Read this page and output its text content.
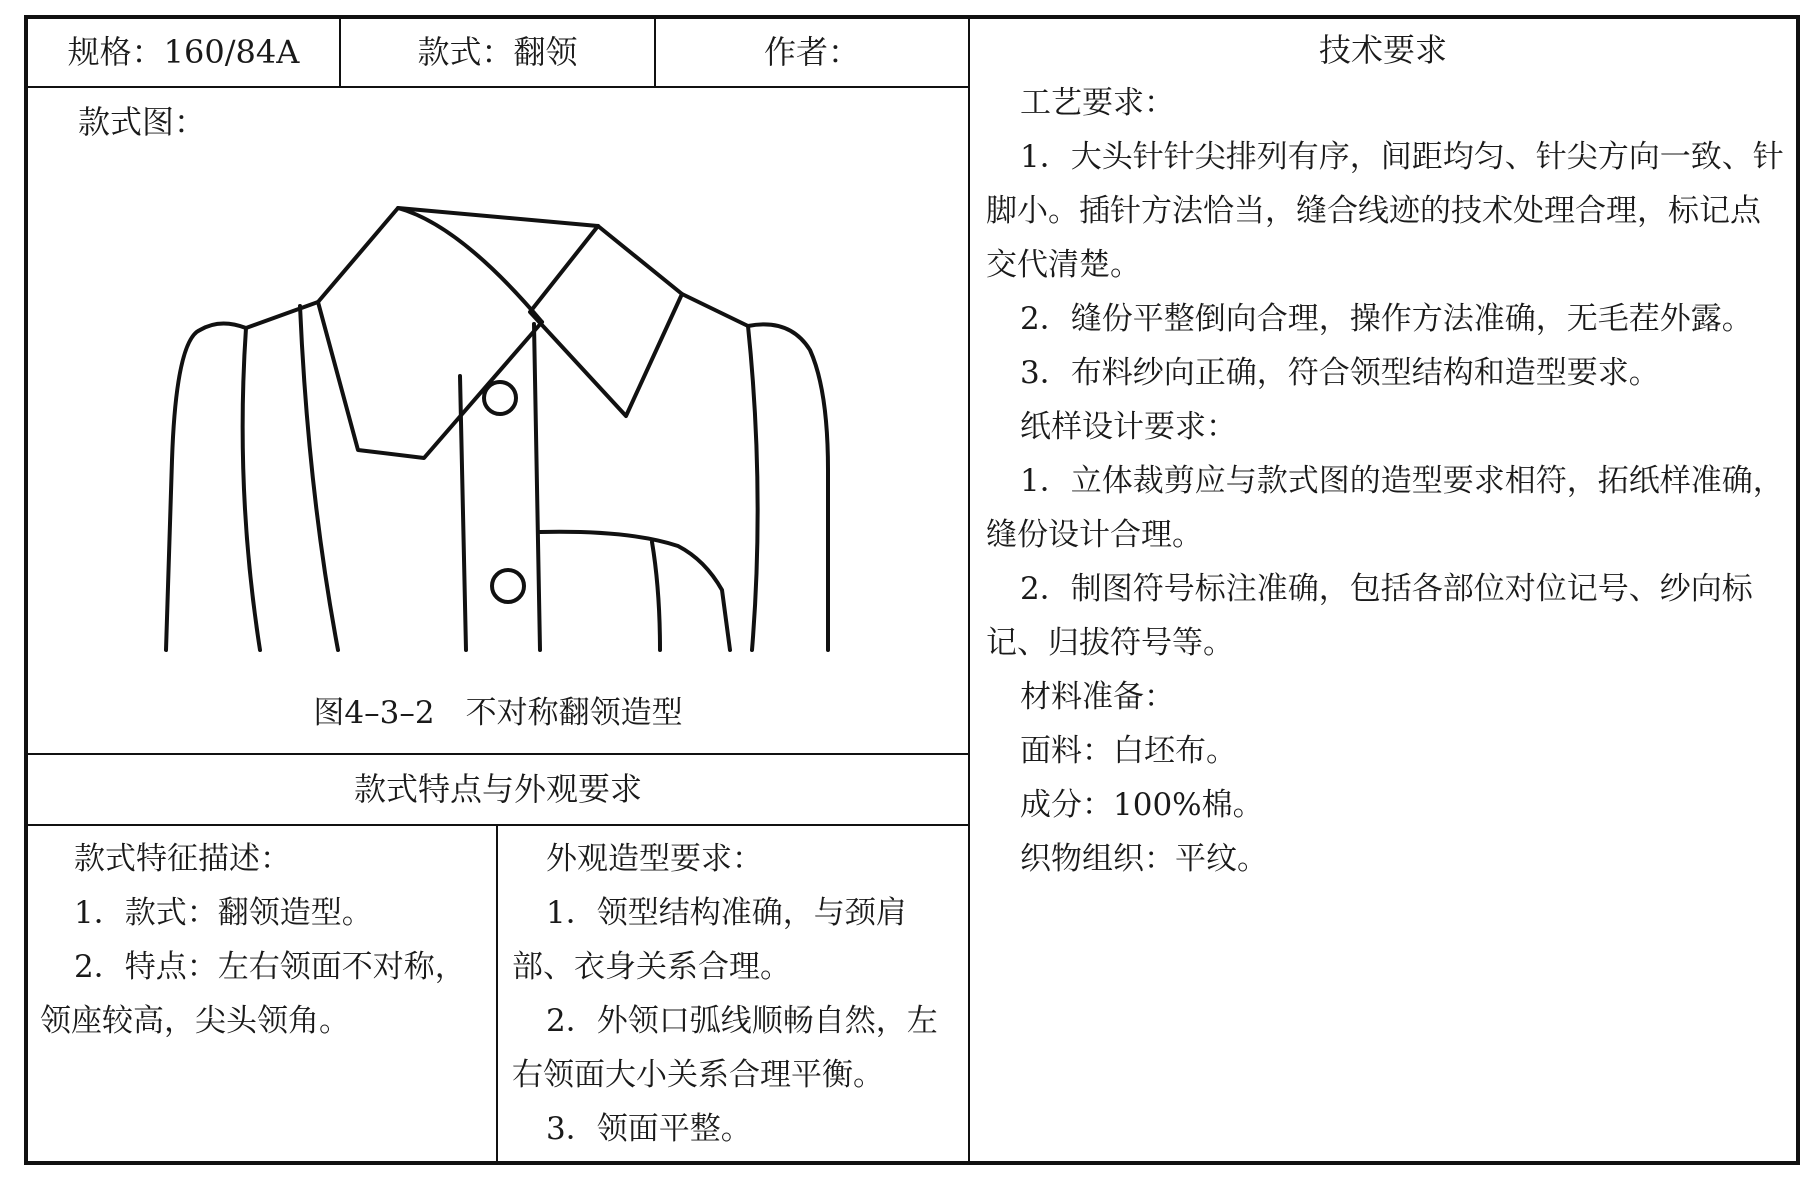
规格：160/84A	款式：翻领	作者：	技术要求
款式图：
图4–3–2　不对称翻领造型
款式特点与外观要求
款式特征描述：
1．款式：翻领造型。
2．特点：左右领面不对称，领座较高，尖头领角。
外观造型要求：
1．领型结构准确，与颈肩部、衣身关系合理。
2．外领口弧线顺畅自然，左右领面大小关系合理平衡。
3．领面平整。
工艺要求：
1．大头针针尖排列有序，间距均匀、针尖方向一致、针脚小。插针方法恰当，缝合线迹的技术处理合理，标记点交代清楚。
2．缝份平整倒向合理，操作方法准确，无毛茬外露。
3．布料纱向正确，符合领型结构和造型要求。
纸样设计要求：
1．立体裁剪应与款式图的造型要求相符，拓纸样准确，缝份设计合理。
2．制图符号标注准确，包括各部位对位记号、纱向标记、归拔符号等。
材料准备：
面料：白坯布。
成分：100%棉。
织物组织：平纹。
